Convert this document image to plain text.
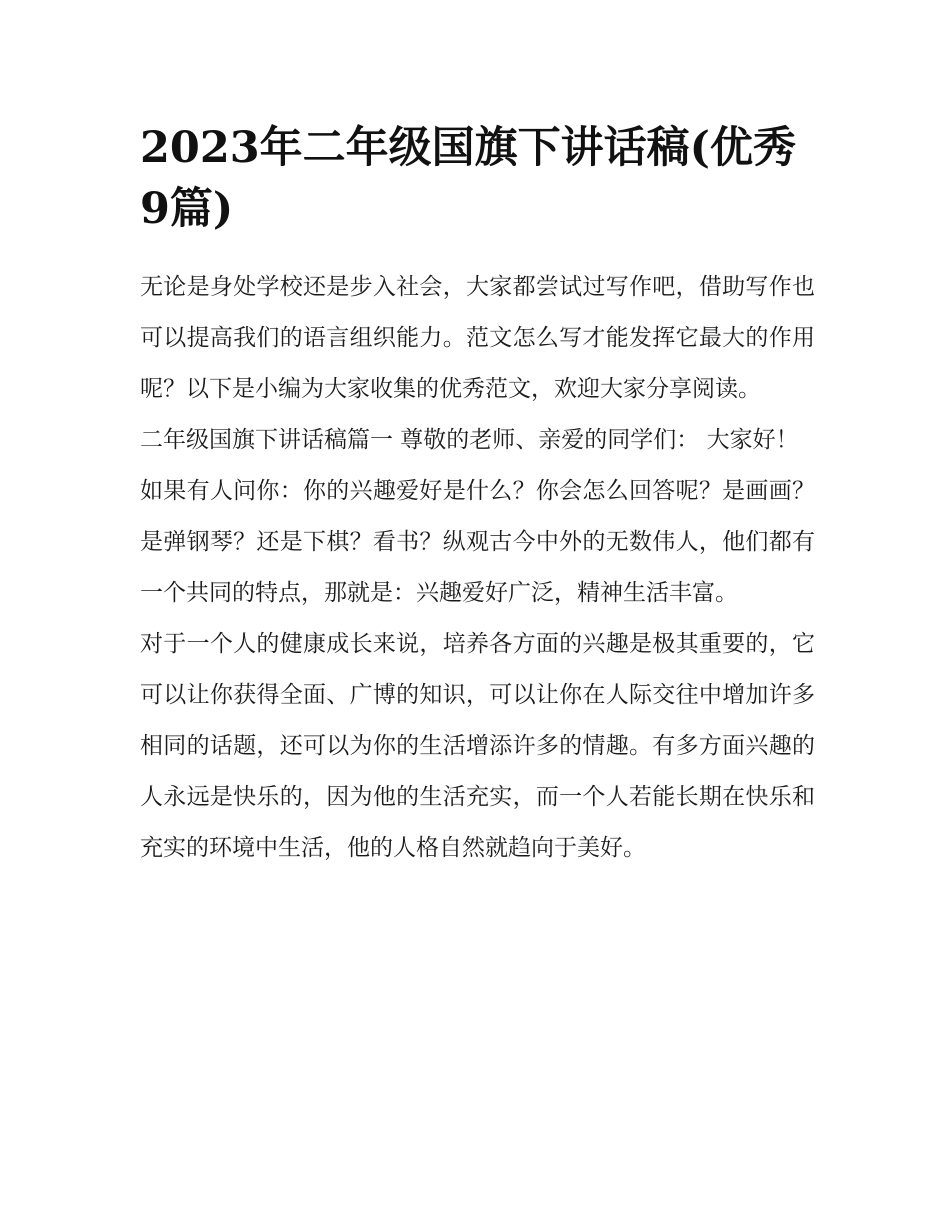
2023年二年级国旗下讲话稿(优秀9篇)

无论是身处学校还是步入社会，大家都尝试过写作吧，借助写作也可以提高我们的语言组织能力。范文怎么写才能发挥它最大的作用呢？以下是小编为大家收集的优秀范文，欢迎大家分享阅读。

二年级国旗下讲话稿篇一 尊敬的老师、亲爱的同学们： 大家好！

如果有人问你：你的兴趣爱好是什么？你会怎么回答呢？是画画？是弹钢琴？还是下棋？看书？纵观古今中外的无数伟人，他们都有一个共同的特点，那就是：兴趣爱好广泛，精神生活丰富。

对于一个人的健康成长来说，培养各方面的兴趣是极其重要的，它可以让你获得全面、广博的知识，可以让你在人际交往中增加许多相同的话题，还可以为你的生活增添许多的情趣。有多方面兴趣的人永远是快乐的，因为他的生活充实，而一个人若能长期在快乐和充实的环境中生活，他的人格自然就趋向于美好。
